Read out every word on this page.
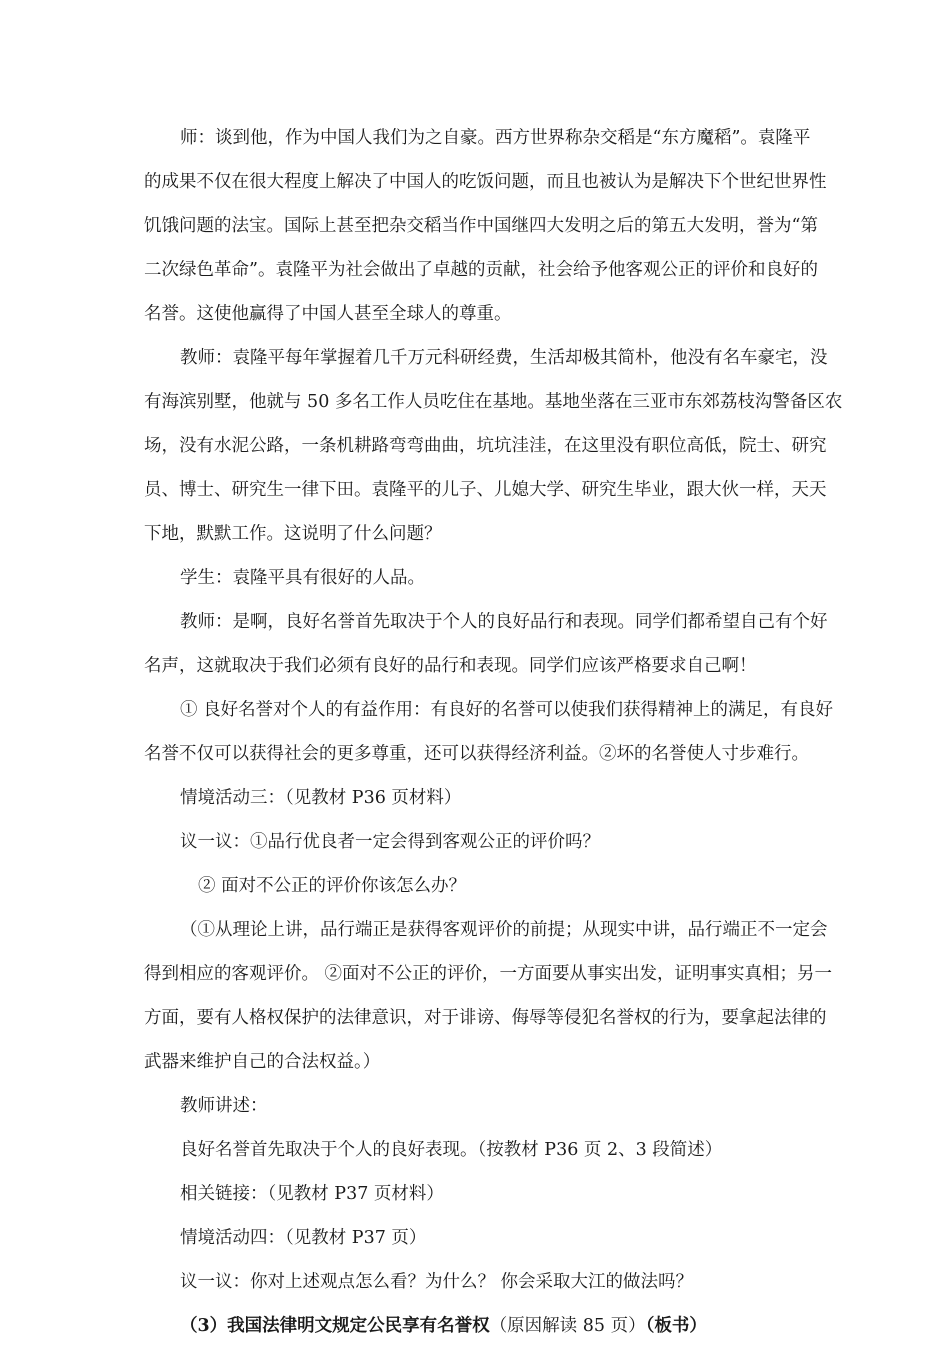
师：谈到他，作为中国人我们为之自豪。西方世界称杂交稻是“东方魔稻”。袁隆平
的成果不仅在很大程度上解决了中国人的吃饭问题，而且也被认为是解决下个世纪世界性
饥饿问题的法宝。国际上甚至把杂交稻当作中国继四大发明之后的第五大发明，誉为“第
二次绿色革命”。袁隆平为社会做出了卓越的贡献，社会给予他客观公正的评价和良好的
名誉。这使他赢得了中国人甚至全球人的尊重。
教师：袁隆平每年掌握着几千万元科研经费，生活却极其简朴，他没有名车豪宅，没
有海滨别墅，他就与 50 多名工作人员吃住在基地。基地坐落在三亚市东郊荔枝沟警备区农
场，没有水泥公路，一条机耕路弯弯曲曲，坑坑洼洼，在这里没有职位高低，院士、研究
员、博士、研究生一律下田。袁隆平的儿子、儿媳大学、研究生毕业，跟大伙一样，天天
下地，默默工作。这说明了什么问题？
学生：袁隆平具有很好的人品。
教师：是啊，良好名誉首先取决于个人的良好品行和表现。同学们都希望自己有个好
名声，这就取决于我们必须有良好的品行和表现。同学们应该严格要求自己啊！
① 良好名誉对个人的有益作用：有良好的名誉可以使我们获得精神上的满足，有良好
名誉不仅可以获得社会的更多尊重，还可以获得经济利益。②坏的名誉使人寸步难行。
情境活动三：（见教材 P36 页材料）
议一议：①品行优良者一定会得到客观公正的评价吗？
② 面对不公正的评价你该怎么办？
（①从理论上讲，品行端正是获得客观评价的前提；从现实中讲，品行端正不一定会
得到相应的客观评价。 ②面对不公正的评价，一方面要从事实出发，证明事实真相；另一
方面，要有人格权保护的法律意识，对于诽谤、侮辱等侵犯名誉权的行为，要拿起法律的
武器来维护自己的合法权益。）
教师讲述：
良好名誉首先取决于个人的良好表现。（按教材 P36 页 2、3 段简述）
相关链接：（见教材 P37 页材料）
情境活动四：（见教材 P37 页）
议一议：你对上述观点怎么看？为什么？ 你会采取大江的做法吗？
（3）我国法律明文规定公民享有名誉权（原因解读 85 页）（板书）
